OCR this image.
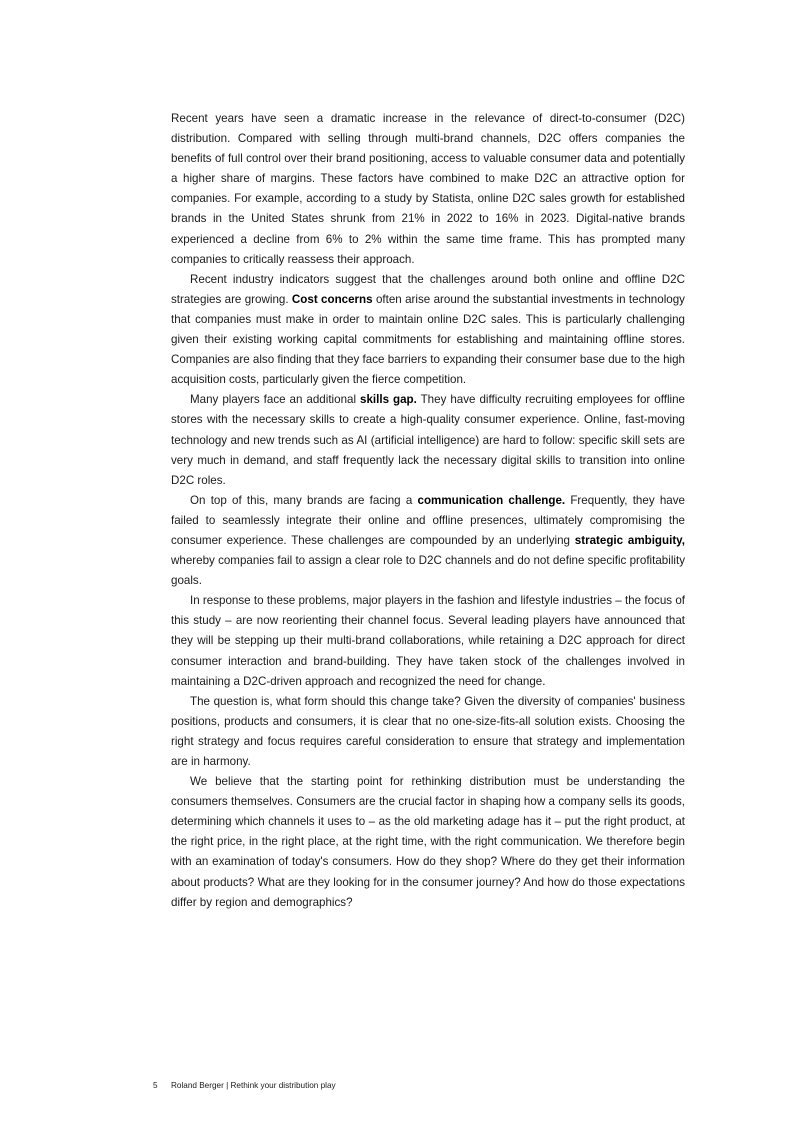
Recent years have seen a dramatic increase in the relevance of direct-to-consumer (D2C) distribution. Compared with selling through multi-brand channels, D2C offers companies the benefits of full control over their brand positioning, access to valuable consumer data and potentially a higher share of margins. These factors have combined to make D2C an attractive option for companies. For example, according to a study by Statista, online D2C sales growth for established brands in the United States shrunk from 21% in 2022 to 16% in 2023. Digital-native brands experienced a decline from 6% to 2% within the same time frame. This has prompted many companies to critically reassess their approach.

Recent industry indicators suggest that the challenges around both online and offline D2C strategies are growing. Cost concerns often arise around the substantial investments in technology that companies must make in order to maintain online D2C sales. This is particularly challenging given their existing working capital commitments for establishing and maintaining offline stores. Companies are also finding that they face barriers to expanding their consumer base due to the high acquisition costs, particularly given the fierce competition.

Many players face an additional skills gap. They have difficulty recruiting employees for offline stores with the necessary skills to create a high-quality consumer experience. Online, fast-moving technology and new trends such as AI (artificial intelligence) are hard to follow: specific skill sets are very much in demand, and staff frequently lack the necessary digital skills to transition into online D2C roles.

On top of this, many brands are facing a communication challenge. Frequently, they have failed to seamlessly integrate their online and offline presences, ultimately compromising the consumer experience. These challenges are compounded by an underlying strategic ambiguity, whereby companies fail to assign a clear role to D2C channels and do not define specific profitability goals.

In response to these problems, major players in the fashion and lifestyle industries – the focus of this study – are now reorienting their channel focus. Several leading players have announced that they will be stepping up their multi-brand collaborations, while retaining a D2C approach for direct consumer interaction and brand-building. They have taken stock of the challenges involved in maintaining a D2C-driven approach and recognized the need for change.

The question is, what form should this change take? Given the diversity of companies' business positions, products and consumers, it is clear that no one-size-fits-all solution exists. Choosing the right strategy and focus requires careful consideration to ensure that strategy and implementation are in harmony.

We believe that the starting point for rethinking distribution must be understanding the consumers themselves. Consumers are the crucial factor in shaping how a company sells its goods, determining which channels it uses to – as the old marketing adage has it – put the right product, at the right price, in the right place, at the right time, with the right communication. We therefore begin with an examination of today's consumers. How do they shop? Where do they get their information about products? What are they looking for in the consumer journey? And how do those expectations differ by region and demographics?

5 Roland Berger | Rethink your distribution play
